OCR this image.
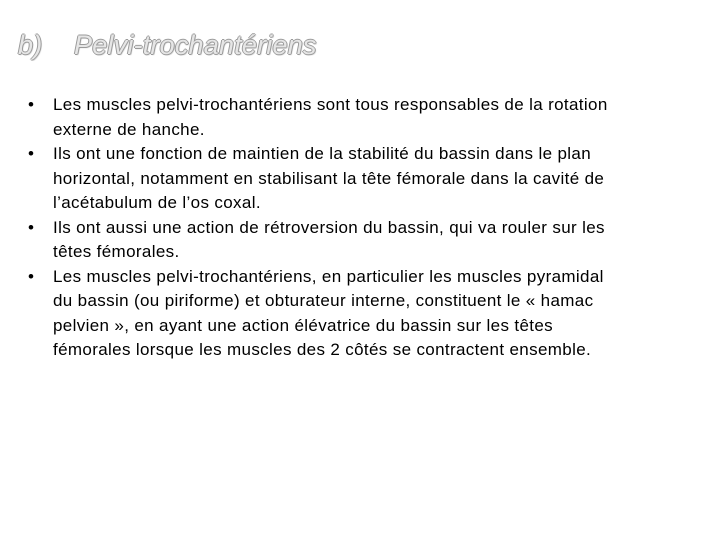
b) Pelvi-trochantériens
•	Les muscles pelvi-trochantériens sont tous responsables de la rotation externe de hanche.
•	Ils ont une fonction de maintien de la stabilité du bassin dans le plan horizontal, notamment en stabilisant la tête fémorale dans la cavité de l’acétabulum de l’os coxal.
•	Ils ont aussi une action de rétroversion du bassin, qui va rouler sur les têtes fémorales.
•	Les muscles pelvi-trochantériens, en particulier les muscles pyramidal du bassin (ou piriforme) et obturateur interne, constituent le « hamac pelvien », en ayant une action élévatrice du bassin sur les têtes fémorales lorsque les muscles des 2 côtés se contractent ensemble.
